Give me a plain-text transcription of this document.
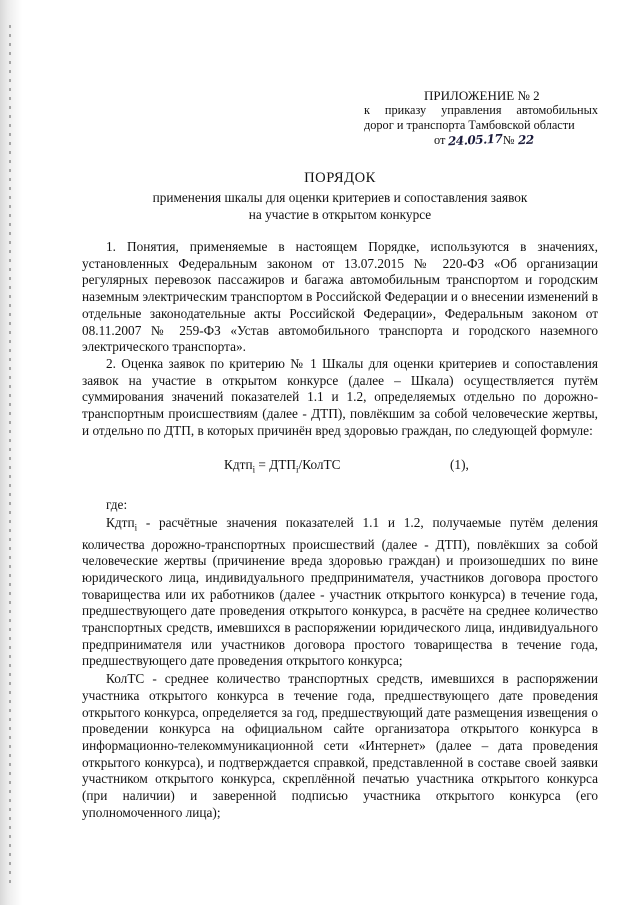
ПРИЛОЖЕНИЕ № 2
к приказу управления автомобильных
дорог и транспорта Тамбовской области
от 24.05.17№ 22
ПОРЯДОК
применения шкалы для оценки критериев и сопоставления заявок
на участие в открытом конкурсе

1. Понятия, применяемые в настоящем Порядке, используются в значениях, установленных Федеральным законом от 13.07.2015 № 220-ФЗ «Об организации регулярных перевозок пассажиров и багажа автомобильным транспортом и городским наземным электрическим транспортом в Российской Федерации и о внесении изменений в отдельные законодательные акты Российской Федерации», Федеральным законом от 08.11.2007 № 259-ФЗ «Устав автомобильного транспорта и городского наземного электрического транспорта».

2. Оценка заявок по критерию № 1 Шкалы для оценки критериев и сопоставления заявок на участие в открытом конкурсе (далее – Шкала) осуществляется путём суммирования значений показателей 1.1 и 1.2, определяемых отдельно по дорожно-транспортным происшествиям (далее - ДТП), повлёкшим за собой человеческие жертвы, и отдельно по ДТП, в которых причинён вред здоровью граждан, по следующей формуле:

Кдтп$_i$ = $ДТП_i$/КолТС	(1),
где:

Кдтп$_i$ - расчётные значения показателей 1.1 и 1.2, получаемые путём деления количества дорожно-транспортных происшествий (далее - ДТП), повлёкших за собой человеческие жертвы (причинение вреда здоровью граждан) и произошедших по вине юридического лица, индивидуального предпринимателя, участников договора простого товарищества или их работников (далее - участник открытого конкурса) в течение года, предшествующего дате проведения открытого конкурса, в расчёте на среднее количество транспортных средств, имевшихся в распоряжении юридического лица, индивидуального предпринимателя или участников договора простого товарищества в течение года, предшествующего дате проведения открытого конкурса;

КолТС - среднее количество транспортных средств, имевшихся в распоряжении участника открытого конкурса в течение года, предшествующего дате проведения открытого конкурса, определяется за год, предшествующий дате размещения извещения о проведении конкурса на официальном сайте организатора открытого конкурса в информационно-телекоммуникационной сети «Интернет» (далее – дата проведения открытого конкурса), и подтверждается справкой, представленной в составе своей заявки участником открытого конкурса, скреплённой печатью участника открытого конкурса (при наличии) и заверенной подписью участника открытого конкурса (его уполномоченного лица);
